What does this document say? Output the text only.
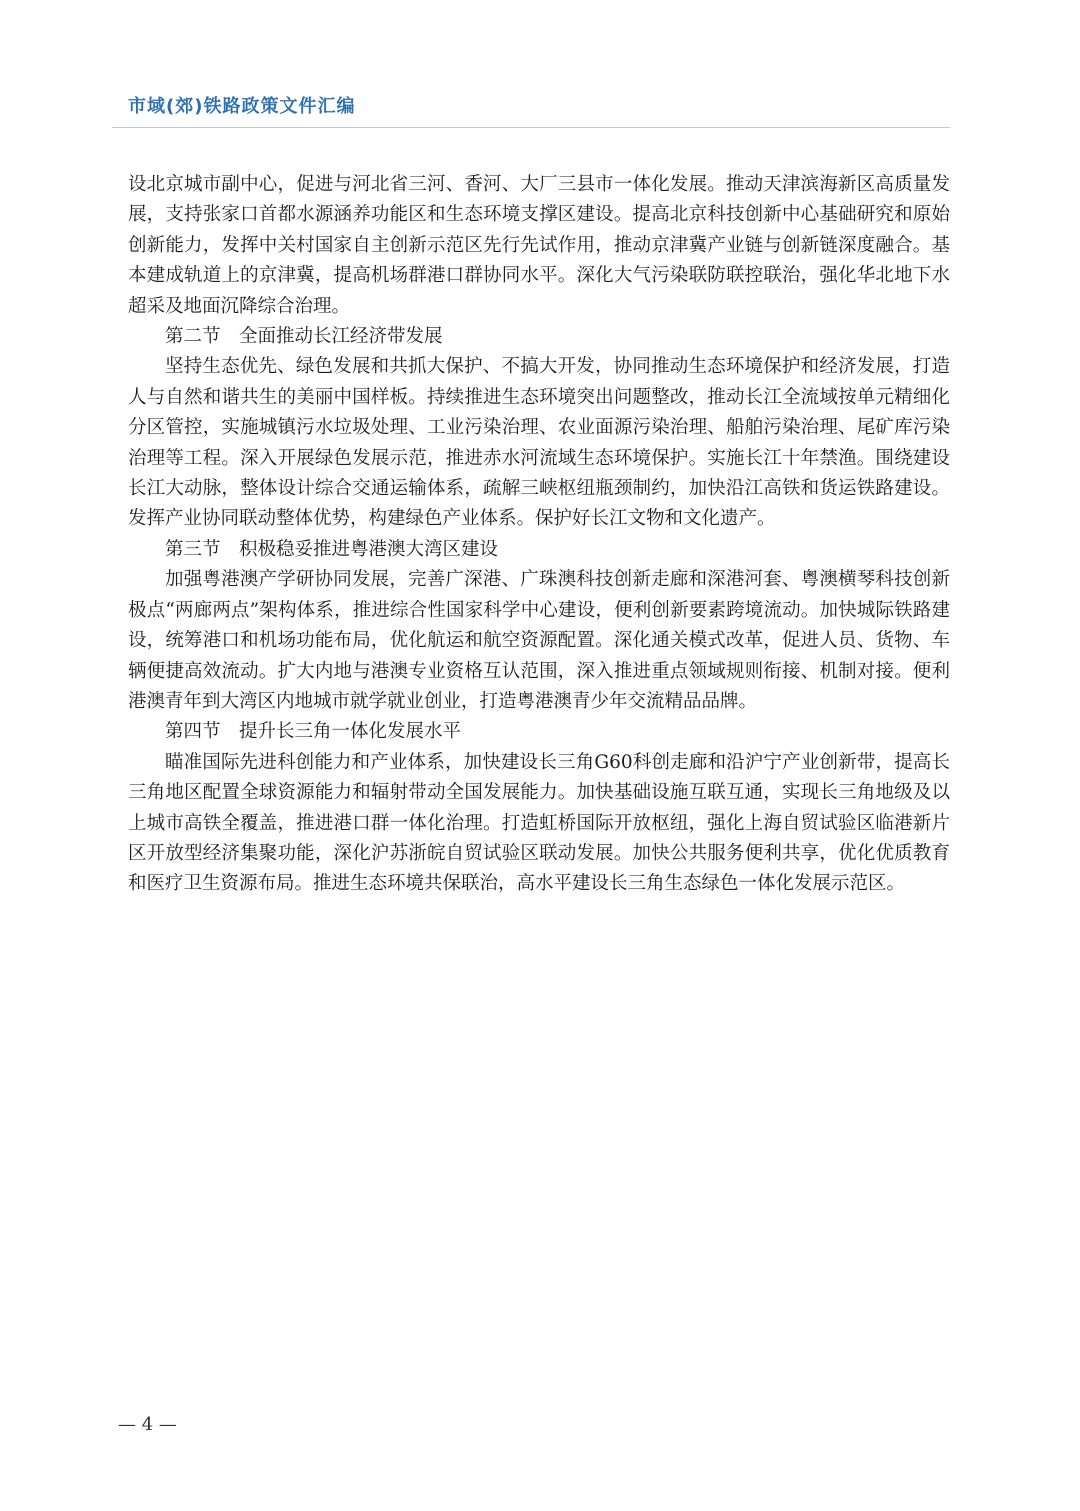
市域(郊)铁路政策文件汇编

设北京城市副中心，促进与河北省三河、香河、大厂三县市一体化发展。推动天津滨海新区高质量发展，支持张家口首都水源涵养功能区和生态环境支撑区建设。提高北京科技创新中心基础研究和原始创新能力，发挥中关村国家自主创新示范区先行先试作用，推动京津冀产业链与创新链深度融合。基本建成轨道上的京津冀，提高机场群港口群协同水平。深化大气污染联防联控联治，强化华北地下水超采及地面沉降综合治理。

第二节　全面推动长江经济带发展

坚持生态优先、绿色发展和共抓大保护、不搞大开发，协同推动生态环境保护和经济发展，打造人与自然和谐共生的美丽中国样板。持续推进生态环境突出问题整改，推动长江全流域按单元精细化分区管控，实施城镇污水垃圾处理、工业污染治理、农业面源污染治理、船舶污染治理、尾矿库污染治理等工程。深入开展绿色发展示范，推进赤水河流域生态环境保护。实施长江十年禁渔。围绕建设长江大动脉，整体设计综合交通运输体系，疏解三峡枢纽瓶颈制约，加快沿江高铁和货运铁路建设。发挥产业协同联动整体优势，构建绿色产业体系。保护好长江文物和文化遗产。

第三节　积极稳妥推进粤港澳大湾区建设

加强粤港澳产学研协同发展，完善广深港、广珠澳科技创新走廊和深港河套、粤澳横琴科技创新极点“两廊两点”架构体系，推进综合性国家科学中心建设，便利创新要素跨境流动。加快城际铁路建设，统筹港口和机场功能布局，优化航运和航空资源配置。深化通关模式改革，促进人员、货物、车辆便捷高效流动。扩大内地与港澳专业资格互认范围，深入推进重点领域规则衔接、机制对接。便利港澳青年到大湾区内地城市就学就业创业，打造粤港澳青少年交流精品品牌。

第四节　提升长三角一体化发展水平

瞄准国际先进科创能力和产业体系，加快建设长三角G60科创走廊和沿沪宁产业创新带，提高长三角地区配置全球资源能力和辐射带动全国发展能力。加快基础设施互联互通，实现长三角地级及以上城市高铁全覆盖，推进港口群一体化治理。打造虹桥国际开放枢纽，强化上海自贸试验区临港新片区开放型经济集聚功能，深化沪苏浙皖自贸试验区联动发展。加快公共服务便利共享，优化优质教育和医疗卫生资源布局。推进生态环境共保联治，高水平建设长三角生态绿色一体化发展示范区。

— 4 —
